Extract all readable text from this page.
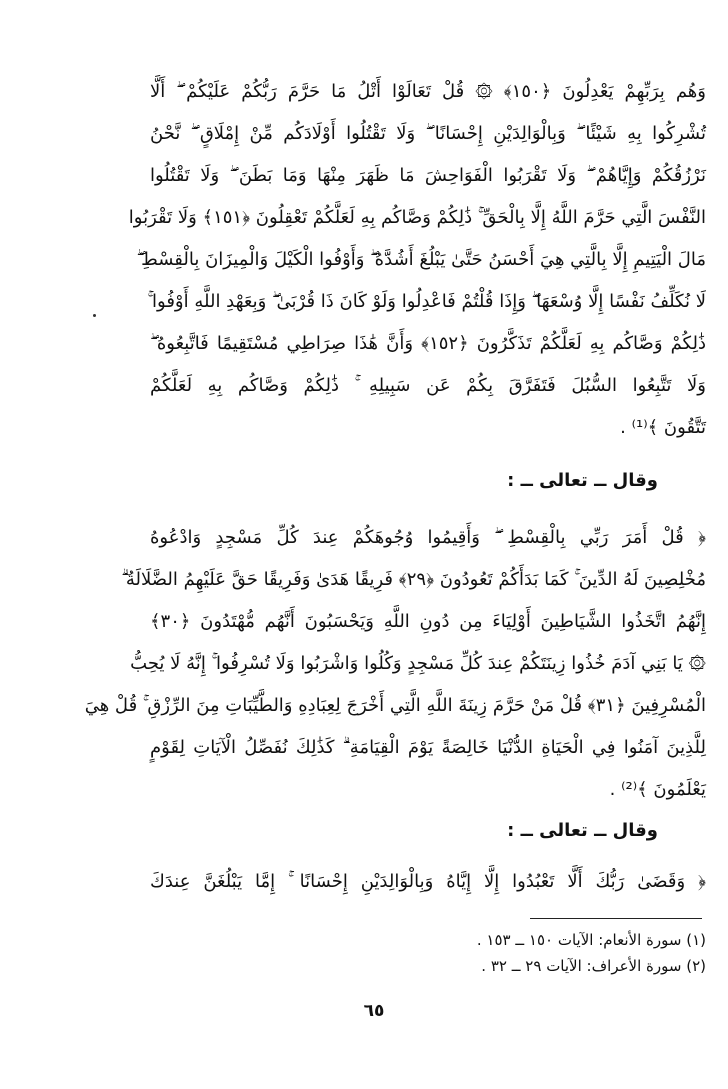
وَهُم بِرَبِّهِمْ يَعْدِلُونَ ﴿١٥٠﴾ ۞ قُلْ تَعَالَوْا أَتْلُ مَا حَرَّمَ رَبُّكُمْ عَلَيْكُمْ ۖ أَلَّا
تُشْرِكُوا بِهِ شَيْئًا ۖ وَبِالْوَالِدَيْنِ إِحْسَانًا ۖ وَلَا تَقْتُلُوا أَوْلَادَكُم مِّنْ إِمْلَاقٍ ۖ نَّحْنُ
نَرْزُقُكُمْ وَإِيَّاهُمْ ۖ وَلَا تَقْرَبُوا الْفَوَاحِشَ مَا ظَهَرَ مِنْهَا وَمَا بَطَنَ ۖ وَلَا تَقْتُلُوا
النَّفْسَ الَّتِي حَرَّمَ اللَّهُ إِلَّا بِالْحَقِّ ۚ ذَٰلِكُمْ وَصَّاكُم بِهِ لَعَلَّكُمْ تَعْقِلُونَ ﴿١٥١﴾ وَلَا تَقْرَبُوا
مَالَ الْيَتِيمِ إِلَّا بِالَّتِي هِيَ أَحْسَنُ حَتَّىٰ يَبْلُغَ أَشُدَّهُ ۖ وَأَوْفُوا الْكَيْلَ وَالْمِيزَانَ بِالْقِسْطِ ۖ
لَا نُكَلِّفُ نَفْسًا إِلَّا وُسْعَهَا ۖ وَإِذَا قُلْتُمْ فَاعْدِلُوا وَلَوْ كَانَ ذَا قُرْبَىٰ ۖ وَبِعَهْدِ اللَّهِ أَوْفُوا ۚ
ذَٰلِكُمْ وَصَّاكُم بِهِ لَعَلَّكُمْ تَذَكَّرُونَ ﴿١٥٢﴾ وَأَنَّ هَٰذَا صِرَاطِي مُسْتَقِيمًا فَاتَّبِعُوهُ ۖ
وَلَا تَتَّبِعُوا السُّبُلَ فَتَفَرَّقَ بِكُمْ عَن سَبِيلِهِ ۚ ذَٰلِكُمْ وَصَّاكُم بِهِ لَعَلَّكُمْ
تَتَّقُونَ ﴾⁽¹⁾ .
وقال ــ تعالى ــ :
﴿ قُلْ أَمَرَ رَبِّي بِالْقِسْطِ ۖ وَأَقِيمُوا وُجُوهَكُمْ عِندَ كُلِّ مَسْجِدٍ وَادْعُوهُ
مُخْلِصِينَ لَهُ الدِّينَ ۚ كَمَا بَدَأَكُمْ تَعُودُونَ ﴿٢٩﴾ فَرِيقًا هَدَىٰ وَفَرِيقًا حَقَّ عَلَيْهِمُ الضَّلَالَةُ ۗ
إِنَّهُمُ اتَّخَذُوا الشَّيَاطِينَ أَوْلِيَاءَ مِن دُونِ اللَّهِ وَيَحْسَبُونَ أَنَّهُم مُّهْتَدُونَ ﴿٣٠﴾
۞ يَا بَنِي آدَمَ خُذُوا زِينَتَكُمْ عِندَ كُلِّ مَسْجِدٍ وَكُلُوا وَاشْرَبُوا وَلَا تُسْرِفُوا ۚ إِنَّهُ لَا يُحِبُّ
الْمُسْرِفِينَ ﴿٣١﴾ قُلْ مَنْ حَرَّمَ زِينَةَ اللَّهِ الَّتِي أَخْرَجَ لِعِبَادِهِ وَالطَّيِّبَاتِ مِنَ الرِّزْقِ ۚ قُلْ هِيَ
لِلَّذِينَ آمَنُوا فِي الْحَيَاةِ الدُّنْيَا خَالِصَةً يَوْمَ الْقِيَامَةِ ۗ كَذَٰلِكَ نُفَصِّلُ الْآيَاتِ لِقَوْمٍ
يَعْلَمُونَ ﴾⁽²⁾ .
وقال ــ تعالى ــ :
﴿ وَقَضَىٰ رَبُّكَ أَلَّا تَعْبُدُوا إِلَّا إِيَّاهُ وَبِالْوَالِدَيْنِ إِحْسَانًا ۚ إِمَّا يَبْلُغَنَّ عِندَكَ
(١) سورة الأنعام: الآيات ١٥٠ ــ ١٥٣ .
(٢) سورة الأعراف: الآيات ٢٩ ــ ٣٢ .
٦٥
